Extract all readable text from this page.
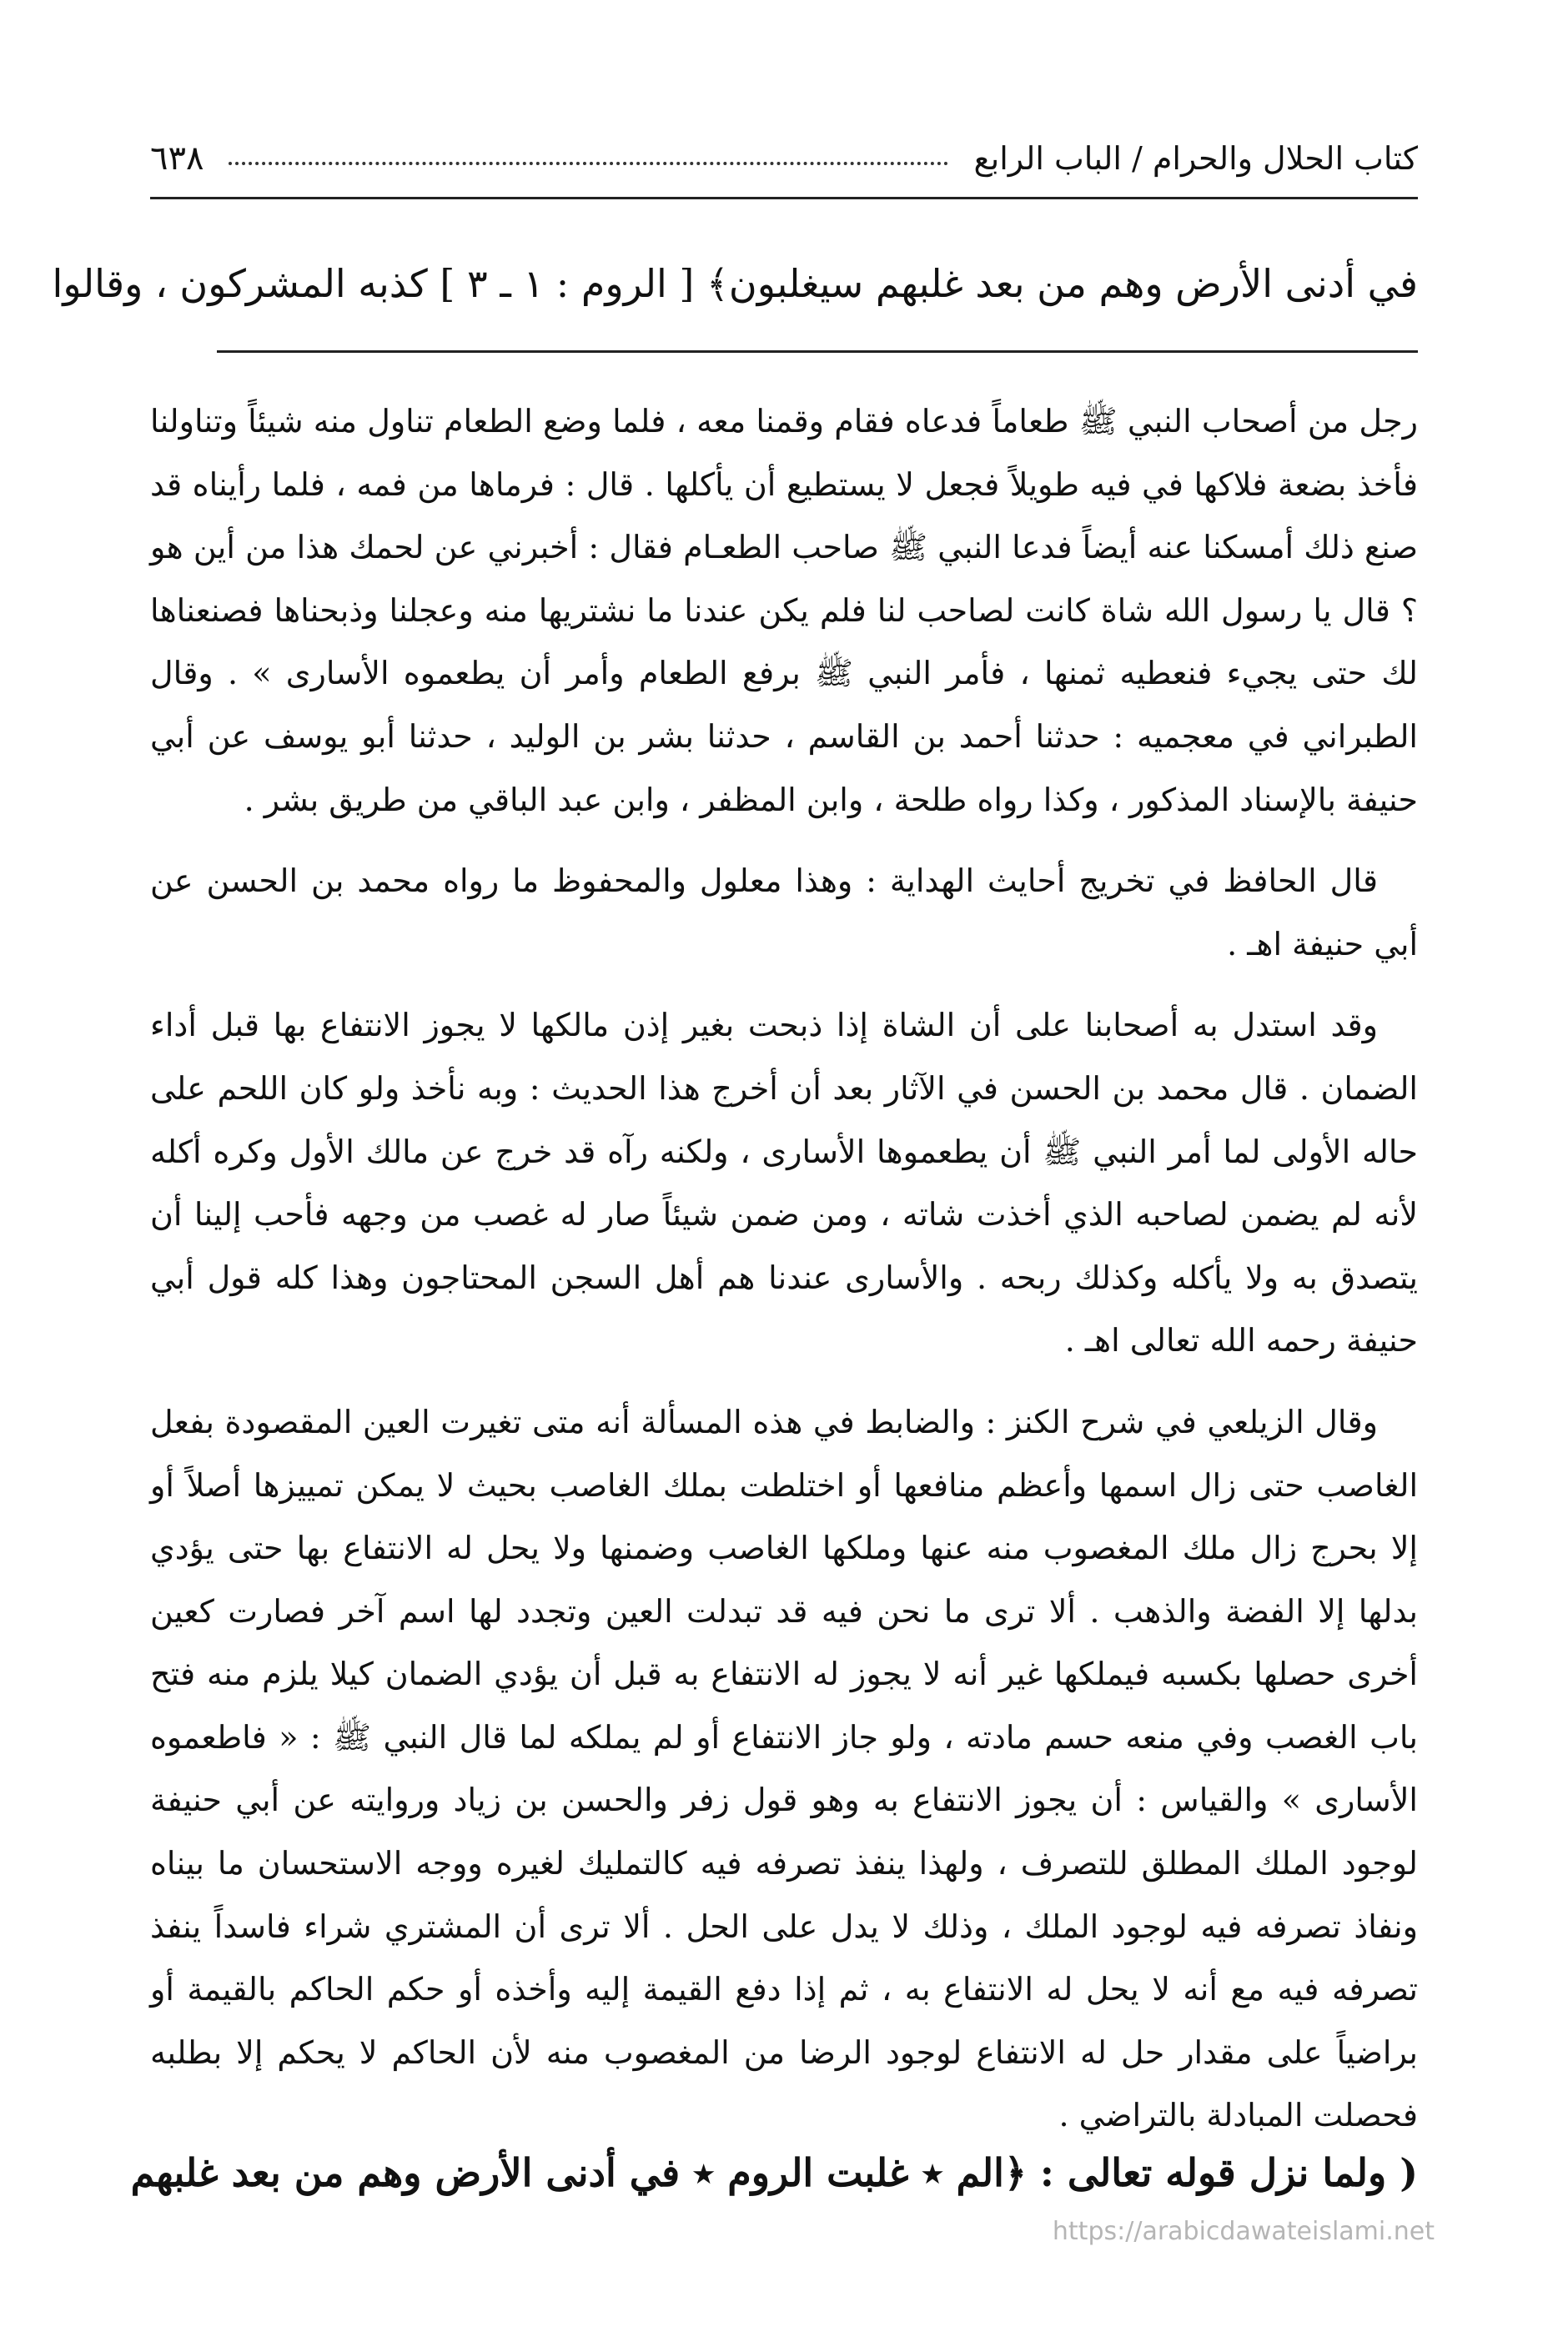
كتاب الحلال والحرام / الباب الرابع
٦٣٨
في أدنى الأرض وهم من بعد غلبهم سيغلبون﴾ [ الروم : ١ ـ ٣ ] كذبه المشركون ، وقالوا

رجل من أصحاب النبي ﷺ طعاماً فدعاه فقام وقمنا معه ، فلما وضع الطعام تناول منه شيئاً وتناولنا فأخذ بضعة فلاكها في فيه طويلاً فجعل لا يستطيع أن يأكلها . قال : فرماها من فمه ، فلما رأيناه قد صنع ذلك أمسكنا عنه أيضاً فدعا النبي ﷺ صاحب الطعـام فقال : أخبرني عن لحمك هذا من أين هو ؟ قال يا رسول الله شاة كانت لصاحب لنا فلم يكن عندنا ما نشتريها منه وعجلنا وذبحناها فصنعناها لك حتى يجيء فنعطيه ثمنها ، فأمر النبي ﷺ برفع الطعام وأمر أن يطعموه الأسارى » . وقال الطبراني في معجميه : حدثنا أحمد بن القاسم ، حدثنا بشر بن الوليد ، حدثنا أبو يوسف عن أبي حنيفة بالإسناد المذكور ، وكذا رواه طلحة ، وابن المظفر ، وابن عبد الباقي من طريق بشر .

قال الحافظ في تخريج أحايث الهداية : وهذا معلول والمحفوظ ما رواه محمد بن الحسن عن أبي حنيفة اهـ .

وقد استدل به أصحابنا على أن الشاة إذا ذبحت بغير إذن مالكها لا يجوز الانتفاع بها قبل أداء الضمان . قال محمد بن الحسن في الآثار بعد أن أخرج هذا الحديث : وبه نأخذ ولو كان اللحم على حاله الأولى لما أمر النبي ﷺ أن يطعموها الأسارى ، ولكنه رآه قد خرج عن مالك الأول وكره أكله لأنه لم يضمن لصاحبه الذي أخذت شاته ، ومن ضمن شيئاً صار له غصب من وجهه فأحب إلينا أن يتصدق به ولا يأكله وكذلك ربحه . والأسارى عندنا هم أهل السجن المحتاجون وهذا كله قول أبي حنيفة رحمه الله تعالى اهـ .

وقال الزيلعي في شرح الكنز : والضابط في هذه المسألة أنه متى تغيرت العين المقصودة بفعل الغاصب حتى زال اسمها وأعظم منافعها أو اختلطت بملك الغاصب بحيث لا يمكن تمييزها أصلاً أو إلا بحرج زال ملك المغصوب منه عنها وملكها الغاصب وضمنها ولا يحل له الانتفاع بها حتى يؤدي بدلها إلا الفضة والذهب . ألا ترى ما نحن فيه قد تبدلت العين وتجدد لها اسم آخر فصارت كعين أخرى حصلها بكسبه فيملكها غير أنه لا يجوز له الانتفاع به قبل أن يؤدي الضمان كيلا يلزم منه فتح باب الغصب وفي منعه حسم مادته ، ولو جاز الانتفاع أو لم يملكه لما قال النبي ﷺ : « فاطعموه الأسارى » والقياس : أن يجوز الانتفاع به وهو قول زفر والحسن بن زياد وروايته عن أبي حنيفة لوجود الملك المطلق للتصرف ، ولهذا ينفذ تصرفه فيه كالتمليك لغيره ووجه الاستحسان ما بيناه ونفاذ تصرفه فيه لوجود الملك ، وذلك لا يدل على الحل . ألا ترى أن المشتري شراء فاسداً ينفذ تصرفه فيه مع أنه لا يحل له الانتفاع به ، ثم إذا دفع القيمة إليه وأخذه أو حكم الحاكم بالقيمة أو براضياً على مقدار حل له الانتفاع لوجود الرضا من المغصوب منه لأن الحاكم لا يحكم إلا بطلبه فحصلت المبادلة بالتراضي .

( ولما نزل قوله تعالى : ﴿الم ٭ غلبت الروم ٭ في أدنى الأرض وهم من بعد غلبهم
https://arabicdawateislami.net
